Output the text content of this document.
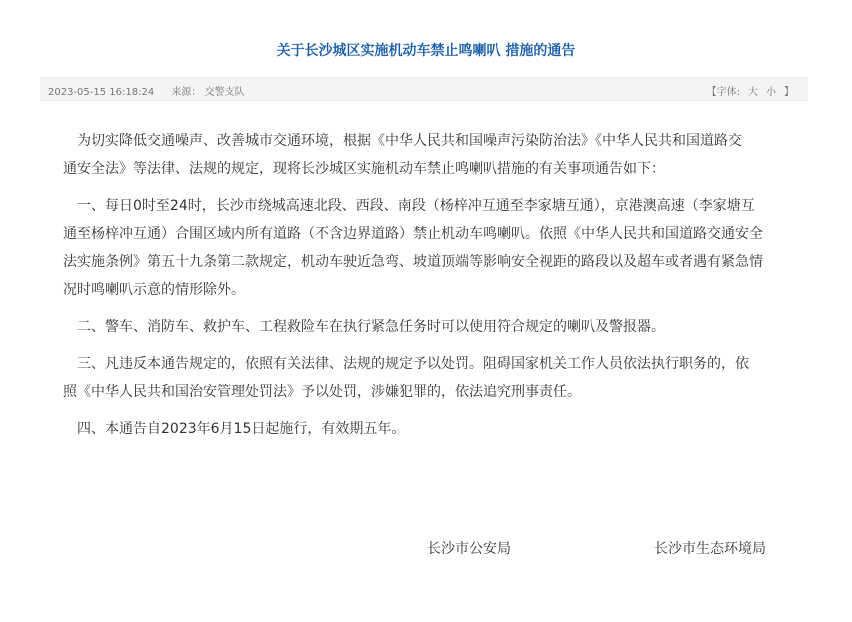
关于长沙城区实施机动车禁止鸣喇叭 措施的通告
2023-05-15 16:18:24 来源： 交警支队	【字体: 大 小 】
为切实降低交通噪声、改善城市交通环境，根据《中华人民共和国噪声污染防治法》《中华人民共和国道路交
通安全法》等法律、法规的规定，现将长沙城区实施机动车禁止鸣喇叭措施的有关事项通告如下：
一、每日0时至24时，长沙市绕城高速北段、西段、南段（杨梓冲互通至李家塘互通），京港澳高速（李家塘互
通至杨梓冲互通）合围区域内所有道路（不含边界道路）禁止机动车鸣喇叭。依照《中华人民共和国道路交通安全
法实施条例》第五十九条第二款规定，机动车驶近急弯、坡道顶端等影响安全视距的路段以及超车或者遇有紧急情
况时鸣喇叭示意的情形除外。
二、警车、消防车、救护车、工程救险车在执行紧急任务时可以使用符合规定的喇叭及警报器。
三、凡违反本通告规定的，依照有关法律、法规的规定予以处罚。阻碍国家机关工作人员依法执行职务的，依
照《中华人民共和国治安管理处罚法》予以处罚，涉嫌犯罪的，依法追究刑事责任。
四、本通告自2023年6月15日起施行，有效期五年。
长沙市公安局	长沙市生态环境局
